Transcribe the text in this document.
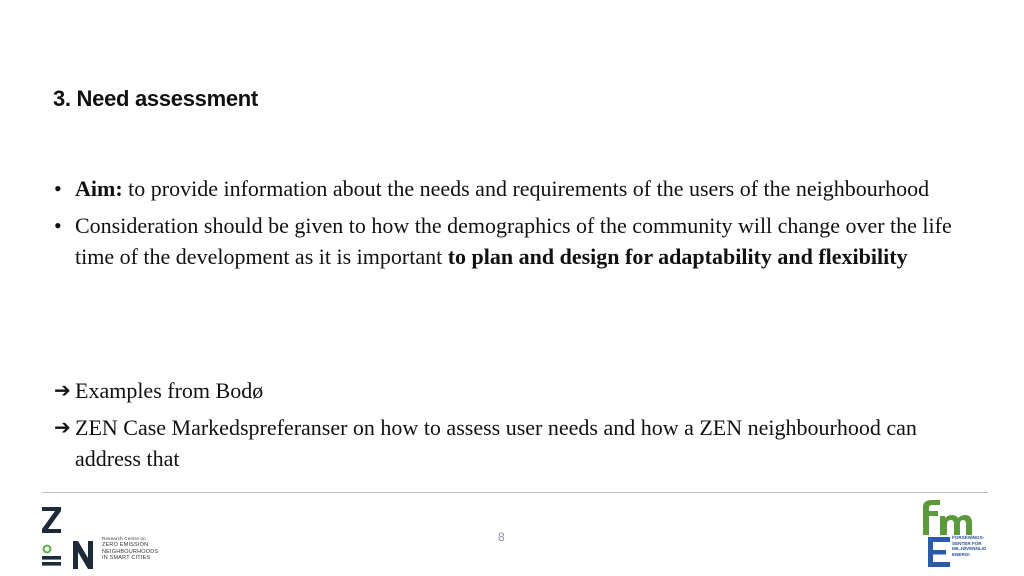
3. Need assessment
• Aim: to provide information about the needs and requirements of the users of the neighbourhood
• Consideration should be given to how the demographics of the community will change over the life time of the development as it is important to plan and design for adaptability and flexibility
➔ Examples from Bodø
➔ ZEN Case Markedspreferanser on how to assess user needs and how a ZEN neighbourhood can address that
Research Centre on
ZERO EMISSION
NEIGHBOURHOODS
IN SMART CITIES
8	FORSKNINGS-
SENTER FOR
MILJØVENNLIG
ENERGI
